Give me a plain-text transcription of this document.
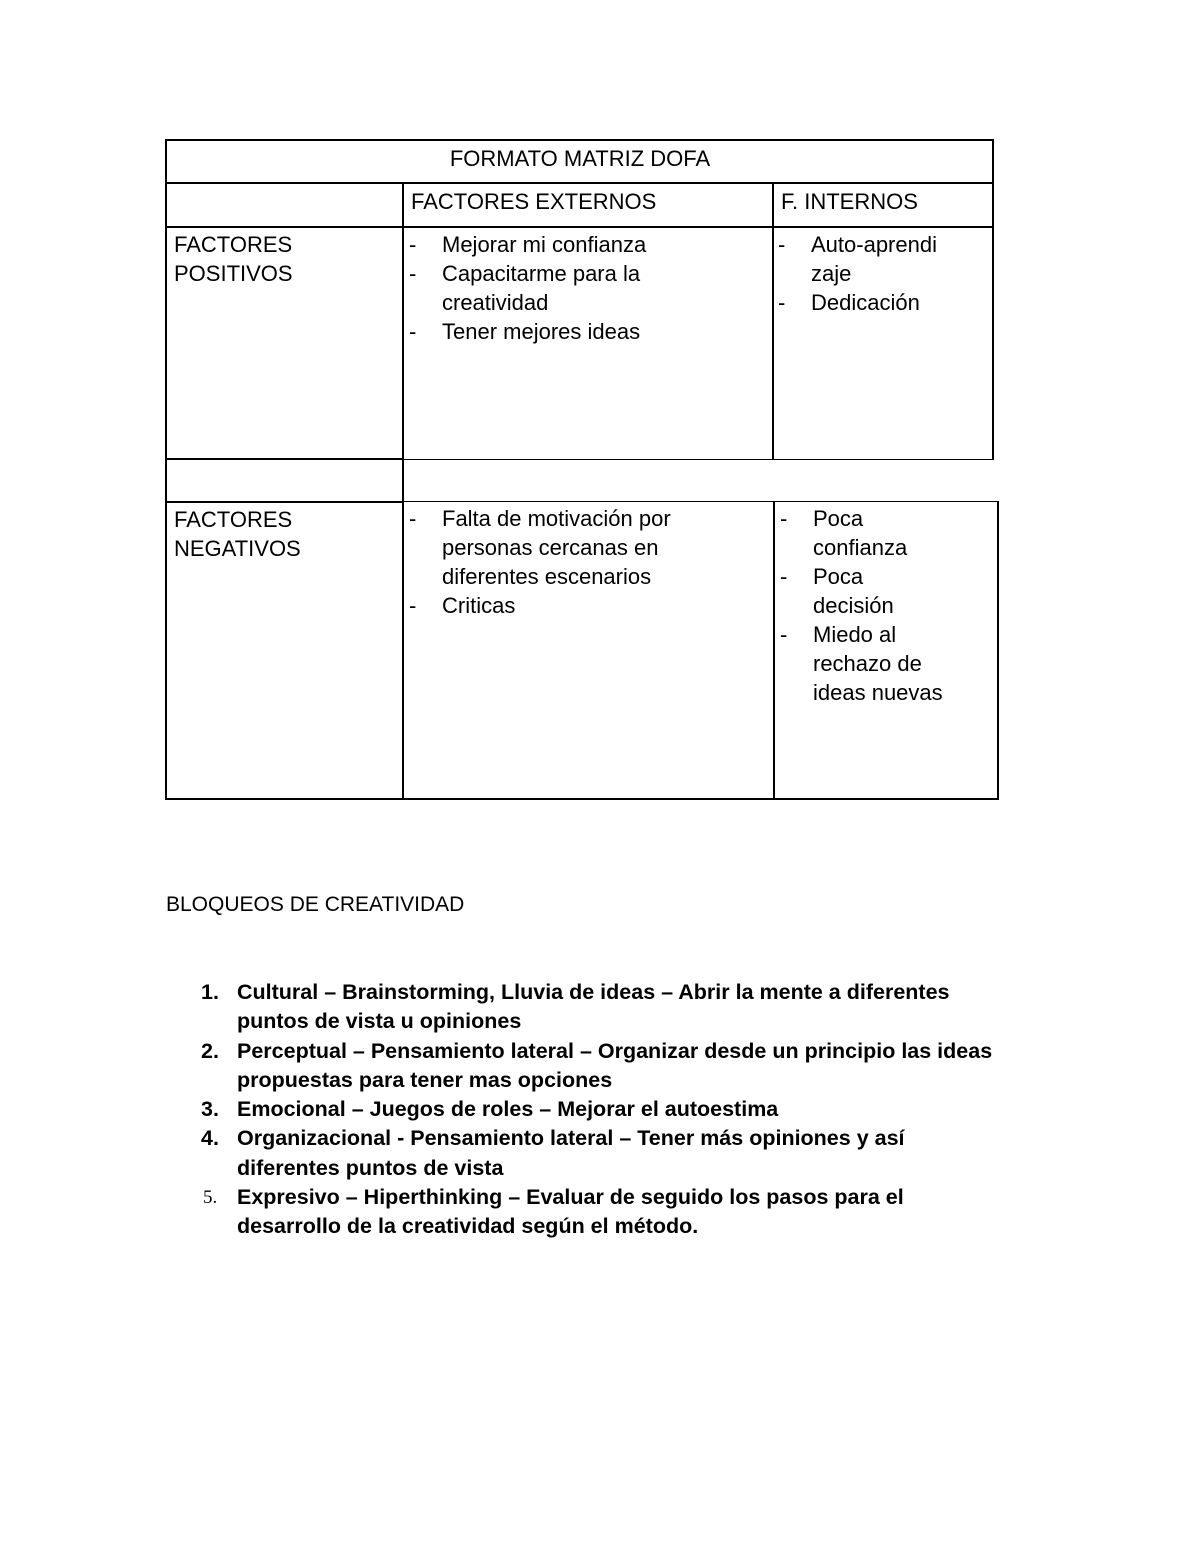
FORMATO MATRIZ DOFA
FACTORES EXTERNOS	F. INTERNOS
FACTORES
POSITIVOS
- Mejorar mi confianza
- Capacitarme para la creatividad
- Tener mejores ideas
- Auto-aprendizaje
- Dedicación
FACTORES
NEGATIVOS
- Falta de motivación por personas cercanas en diferentes escenarios
- Criticas
- Poca confianza
- Poca decisión
- Miedo al rechazo de ideas nuevas
BLOQUEOS DE CREATIVIDAD
1. Cultural – Brainstorming, Lluvia de ideas – Abrir la mente a diferentes puntos de vista u opiniones
2. Perceptual – Pensamiento lateral – Organizar desde un principio las ideas propuestas para tener mas opciones
3. Emocional – Juegos de roles – Mejorar el autoestima
4. Organizacional - Pensamiento lateral – Tener más opiniones y así diferentes puntos de vista
5. Expresivo – Hiperthinking – Evaluar de seguido los pasos para el desarrollo de la creatividad según el método.
